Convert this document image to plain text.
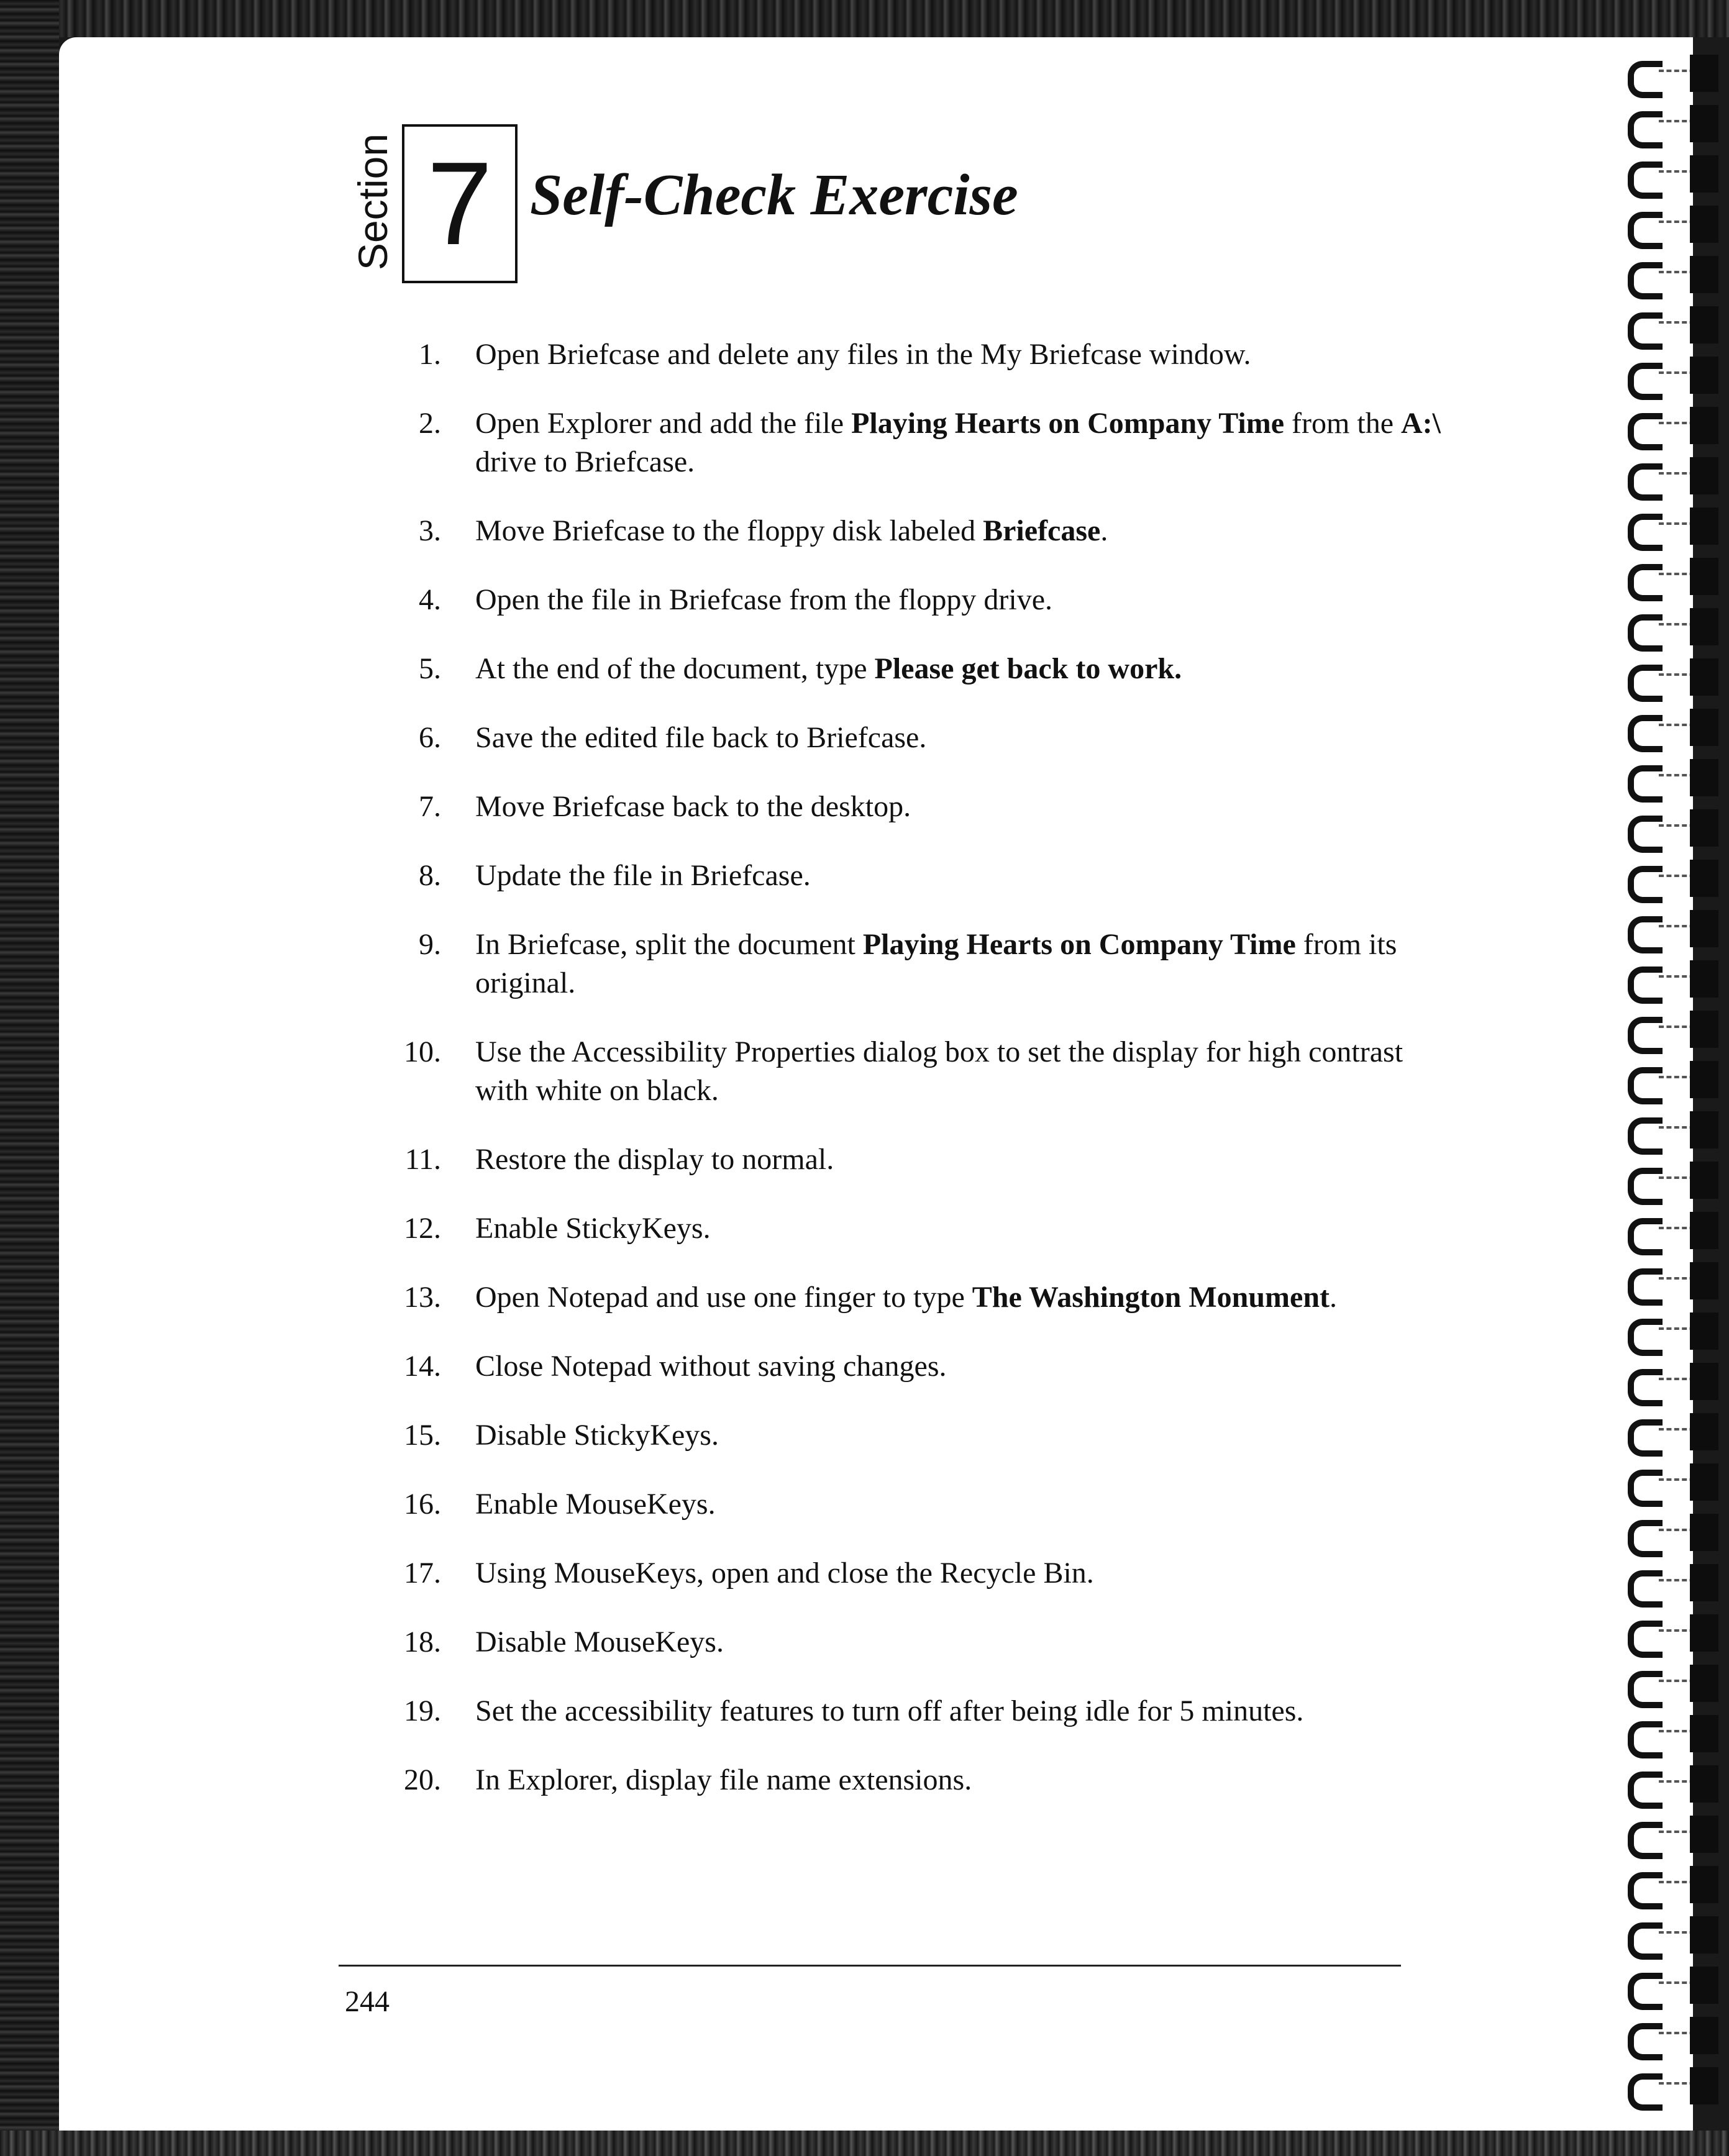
Section 7 Self-Check Exercise
1. Open Briefcase and delete any files in the My Briefcase window.
2. Open Explorer and add the file Playing Hearts on Company Time from the A:\ drive to Briefcase.
3. Move Briefcase to the floppy disk labeled Briefcase.
4. Open the file in Briefcase from the floppy drive.
5. At the end of the document, type Please get back to work.
6. Save the edited file back to Briefcase.
7. Move Briefcase back to the desktop.
8. Update the file in Briefcase.
9. In Briefcase, split the document Playing Hearts on Company Time from its original.
10. Use the Accessibility Properties dialog box to set the display for high contrast with white on black.
11. Restore the display to normal.
12. Enable StickyKeys.
13. Open Notepad and use one finger to type The Washington Monument.
14. Close Notepad without saving changes.
15. Disable StickyKeys.
16. Enable MouseKeys.
17. Using MouseKeys, open and close the Recycle Bin.
18. Disable MouseKeys.
19. Set the accessibility features to turn off after being idle for 5 minutes.
20. In Explorer, display file name extensions.
244
